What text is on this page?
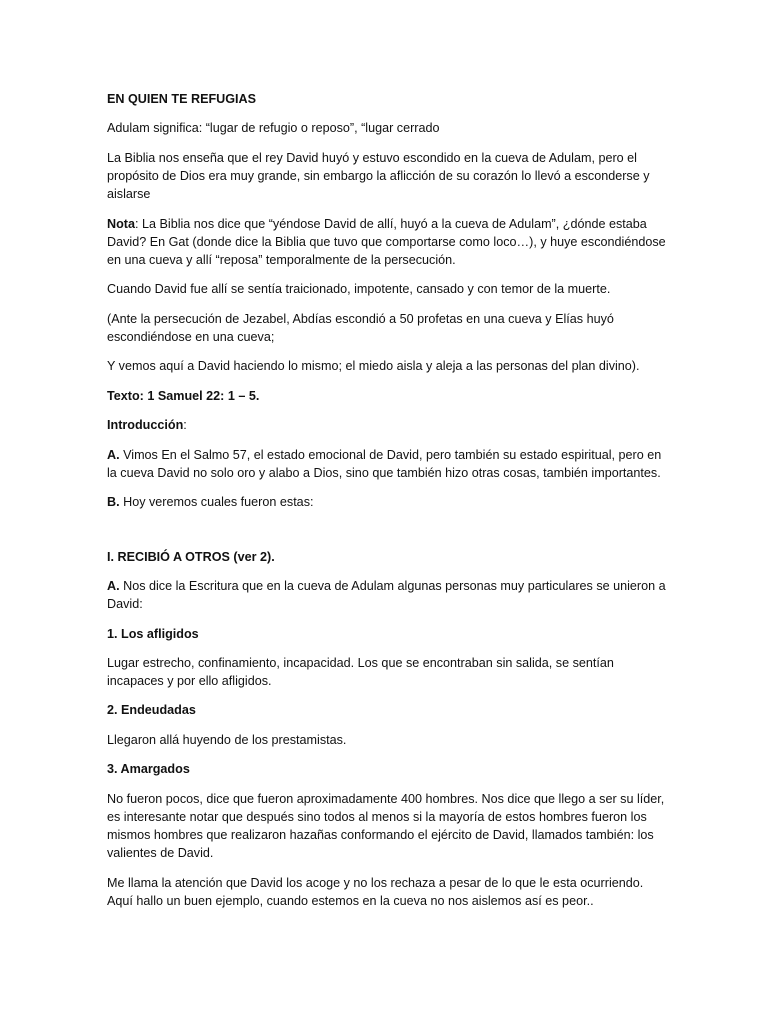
EN QUIEN TE REFUGIAS

Adulam significa: “lugar de refugio o reposo”, “lugar cerrado

La Biblia nos enseña que el rey David huyó y estuvo escondido en la cueva de Adulam, pero el propósito de Dios era muy grande, sin embargo la aflicción de su corazón lo llevó a esconderse y aislarse

Nota: La Biblia nos dice que “yéndose David de allí, huyó a la cueva de Adulam”, ¿dónde estaba David? En Gat (donde dice la Biblia que tuvo que comportarse como loco…), y huye escondiéndose en una cueva y allí “reposa” temporalmente de la persecución.

Cuando David fue allí se sentía traicionado, impotente, cansado y con temor de la muerte.

(Ante la persecución de Jezabel, Abdías escondió a 50 profetas en una cueva y Elías huyó escondiéndose en una cueva;

Y vemos aquí a David haciendo lo mismo; el miedo aisla y aleja a las personas del plan divino).

Texto: 1 Samuel 22: 1 – 5.

Introducción:

A. Vimos En el Salmo 57, el estado emocional de David, pero también su estado espiritual, pero en la cueva David no solo oro y alabo a Dios, sino que también hizo otras cosas, también importantes.

B. Hoy veremos cuales fueron estas:

I. RECIBIÓ A OTROS (ver 2).

A. Nos dice la Escritura que en la cueva de Adulam algunas personas muy particulares se unieron a David:

1. Los afligidos

Lugar estrecho, confinamiento, incapacidad. Los que se encontraban sin salida, se sentían incapaces y por ello afligidos.

2. Endeudadas

Llegaron allá huyendo de los prestamistas.

3. Amargados

No fueron pocos, dice que fueron aproximadamente 400 hombres. Nos dice que llego a ser su líder, es interesante notar que después sino todos al menos si la mayoría de estos hombres fueron los mismos hombres que realizaron hazañas conformando el ejército de David, llamados también: los valientes de David.

Me llama la atención que David los acoge y no los rechaza a pesar de lo que le esta ocurriendo. Aquí hallo un buen ejemplo, cuando estemos en la cueva no nos aislemos así es peor..
